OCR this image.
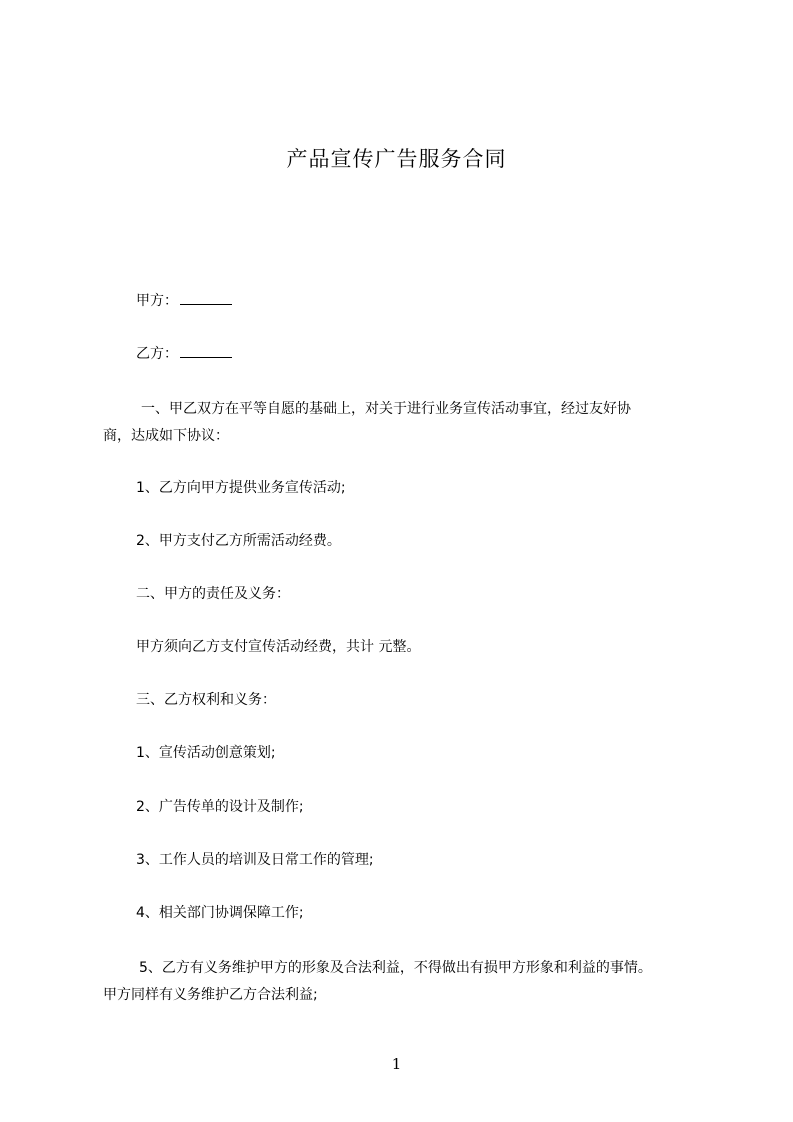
产品宣传广告服务合同
甲方：
乙方：
一、甲乙双方在平等自愿的基础上，对关于进行业务宣传活动事宜，经过友好协
商，达成如下协议：
1、乙方向甲方提供业务宣传活动;
2、甲方支付乙方所需活动经费。
二、甲方的责任及义务：
甲方须向乙方支付宣传活动经费，共计 元整。
三、乙方权利和义务：
1、宣传活动创意策划;
2、广告传单的设计及制作;
3、工作人员的培训及日常工作的管理;
4、相关部门协调保障工作;
5、乙方有义务维护甲方的形象及合法利益，不得做出有损甲方形象和利益的事情。
甲方同样有义务维护乙方合法利益;
1
